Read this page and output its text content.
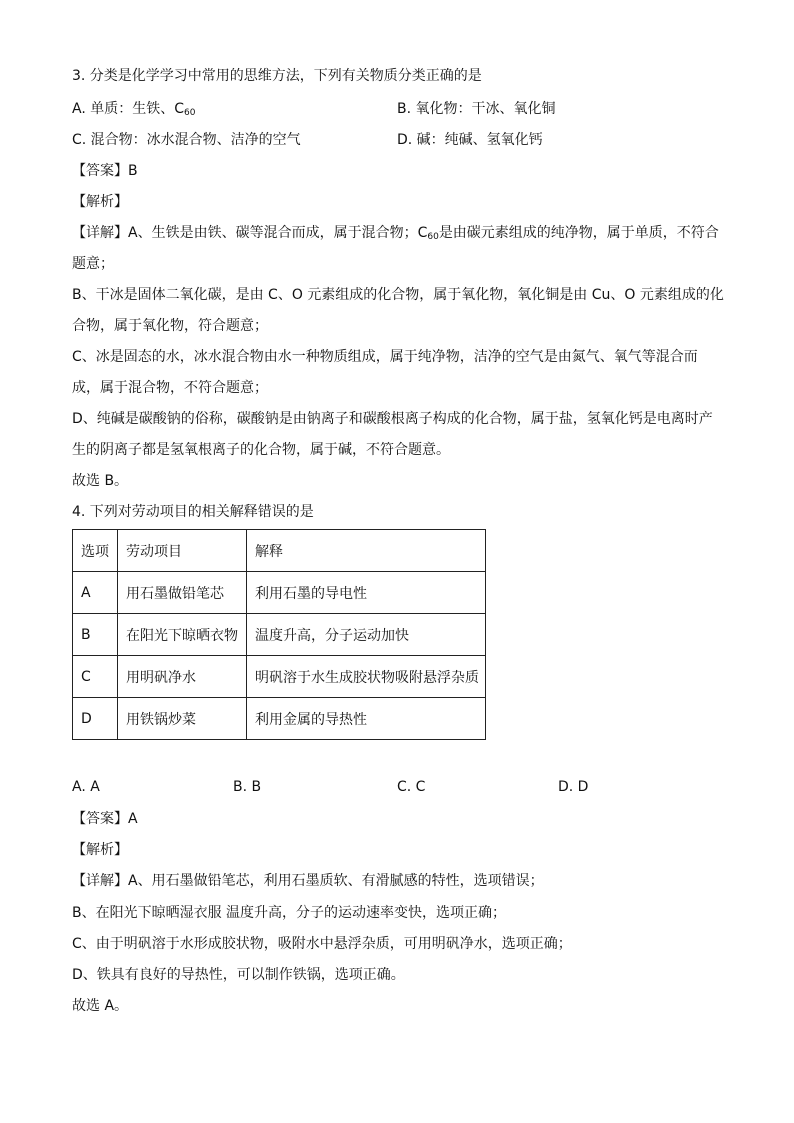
3. 分类是化学学习中常用的思维方法，下列有关物质分类正确的是
A. 单质：生铁、$C_{60}$	B. 氧化物：干冰、氧化铜
C. 混合物：冰水混合物、洁净的空气	D. 碱：纯碱、氢氧化钙
【答案】B
【解析】
【详解】A、生铁是由铁、碳等混合而成，属于混合物；$C_{60}$是由碳元素组成的纯净物，属于单质，不符合
题意；
B、干冰是固体二氧化碳，是由 C、O 元素组成的化合物，属于氧化物，氧化铜是由 Cu、O 元素组成的化
合物，属于氧化物，符合题意；
C、冰是固态的水，冰水混合物由水一种物质组成，属于纯净物，洁净的空气是由氮气、氧气等混合而
成，属于混合物，不符合题意；
D、纯碱是碳酸钠的俗称，碳酸钠是由钠离子和碳酸根离子构成的化合物，属于盐，氢氧化钙是电离时产
生的阴离子都是氢氧根离子的化合物，属于碱，不符合题意。
故选 B。
4. 下列对劳动项目的相关解释错误的是
选项	劳动项目	解释
A	用石墨做铅笔芯	利用石墨的导电性
B	在阳光下晾晒衣物	温度升高，分子运动加快
C	用明矾净水	明矾溶于水生成胶状物吸附悬浮杂质
D	用铁锅炒菜	利用金属的导热性
A. A	B. B	C. C	D. D
【答案】A
【解析】
【详解】A、用石墨做铅笔芯，利用石墨质软、有滑腻感的特性，选项错误；
B、在阳光下晾晒湿衣服 温度升高，分子的运动速率变快，选项正确；
C、由于明矾溶于水形成胶状物，吸附水中悬浮杂质，可用明矾净水，选项正确；
D、铁具有良好的导热性，可以制作铁锅，选项正确。
故选 A。
